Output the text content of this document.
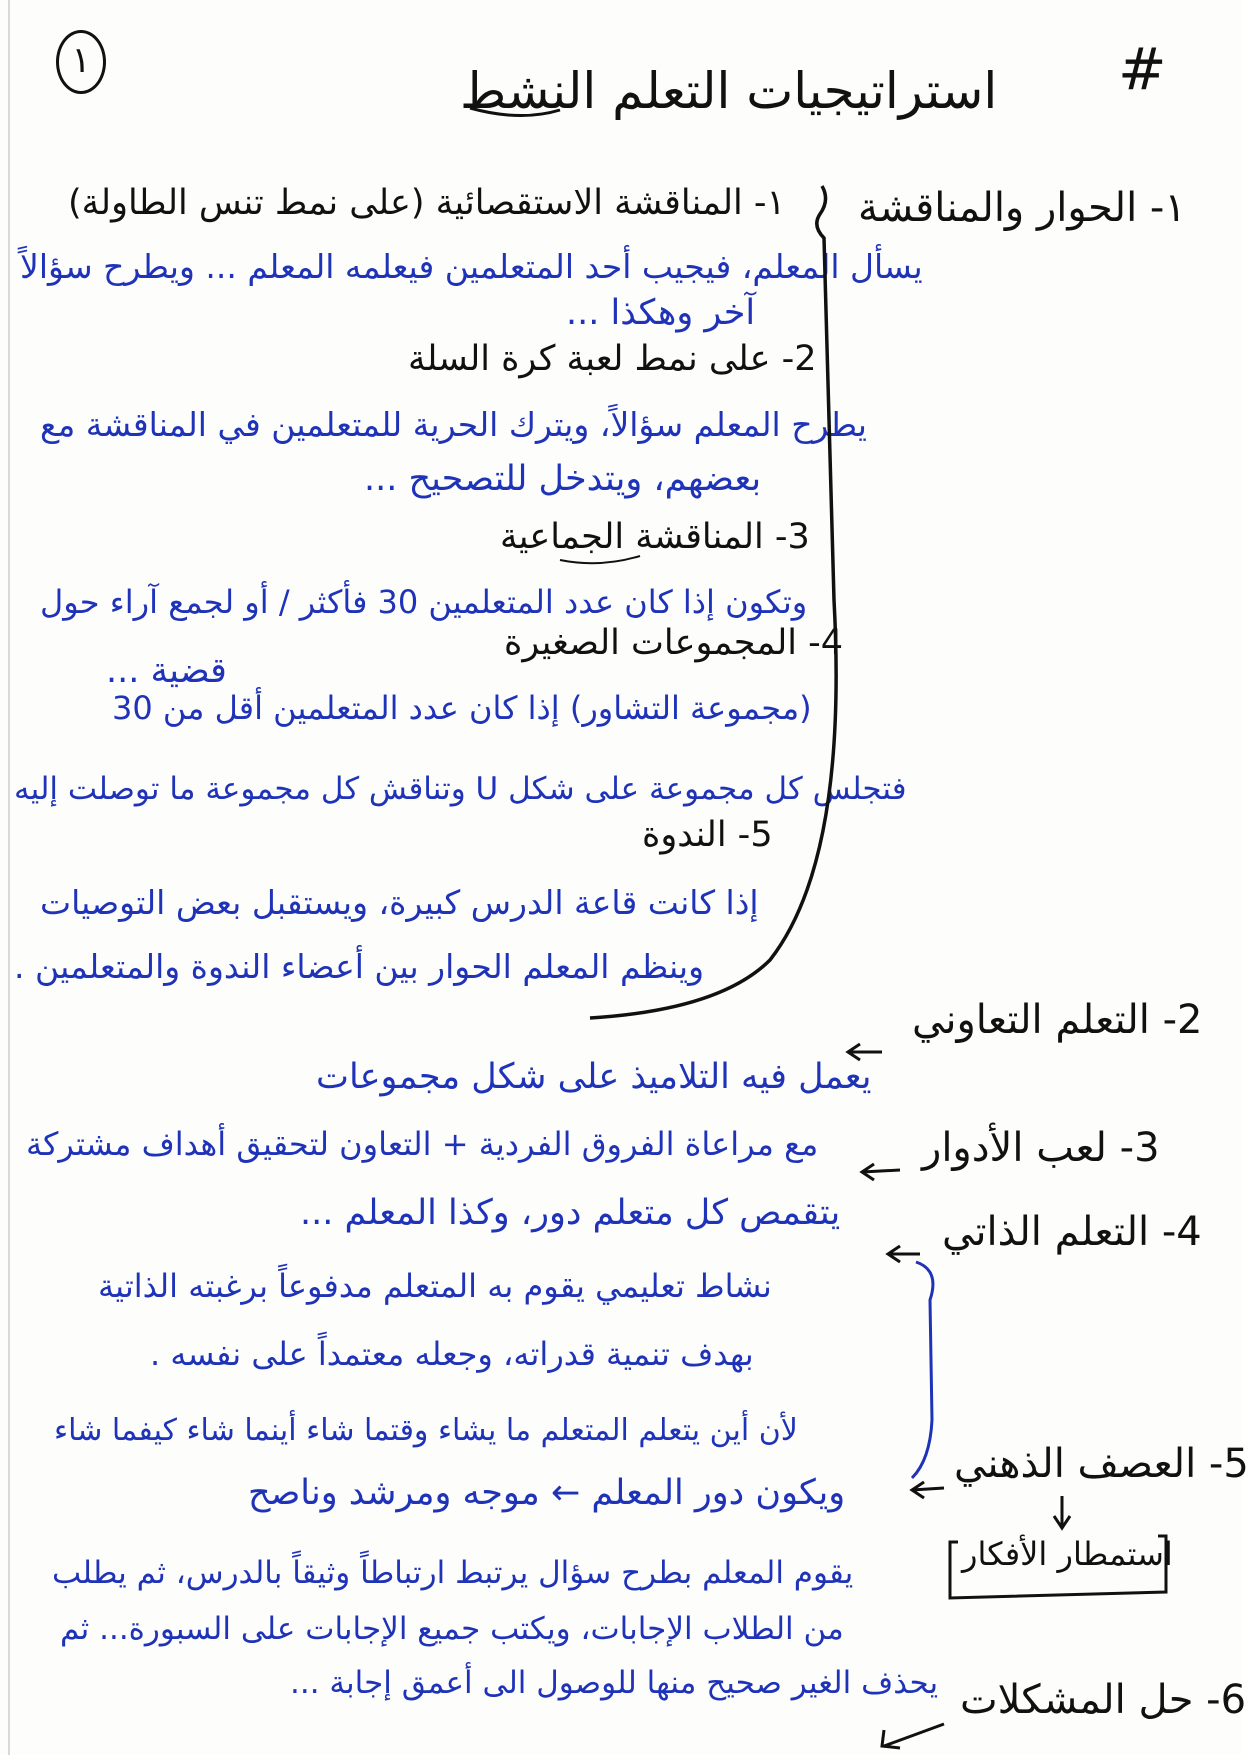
١	#
استراتيجيات التعلم النشط
١- الحوار والمناقشة
١- المناقشة الاستقصائية (على نمط تنس الطاولة)
يسأل المعلم، فيجيب أحد المتعلمين فيعلمه المعلم ... ويطرح سؤالاً
آخر وهكذا ...
2- على نمط لعبة كرة السلة
يطرح المعلم سؤالاً، ويترك الحرية للمتعلمين في المناقشة مع
بعضهم، ويتدخل للتصحيح ...
3- المناقشة الجماعية
وتكون إذا كان عدد المتعلمين 30 فأكثر / أو لجمع آراء حول
قضية ...
4- المجموعات الصغيرة
(مجموعة التشاور) إذا كان عدد المتعلمين أقل من 30
فتجلس كل مجموعة على شكل U وتناقش كل مجموعة ما توصلت إليه
5- الندوة
إذا كانت قاعة الدرس كبيرة، ويستقبل بعض التوصيات
وينظم المعلم الحوار بين أعضاء الندوة والمتعلمين .
2- التعلم التعاوني
يعمل فيه التلاميذ على شكل مجموعات
مع مراعاة الفروق الفردية + التعاون لتحقيق أهداف مشتركة	3- لعب الأدوار
يتقمص كل متعلم دور، وكذا المعلم ...	4- التعلم الذاتي
نشاط تعليمي يقوم به المتعلم مدفوعاً برغبته الذاتية
بهدف تنمية قدراته، وجعله معتمداً على نفسه .
لأن أين يتعلم المتعلم ما يشاء وقتما شاء أينما شاء كيفما شاء
ويكون دور المعلم ← موجه ومرشد وناصح
5- العصف الذهني
استمطار الأفكار
يقوم المعلم بطرح سؤال يرتبط ارتباطاً وثيقاً بالدرس، ثم يطلب
من الطلاب الإجابات، ويكتب جميع الإجابات على السبورة... ثم
يحذف الغير صحيح منها للوصول الى أعمق إجابة ... 6- حل المشكلات
